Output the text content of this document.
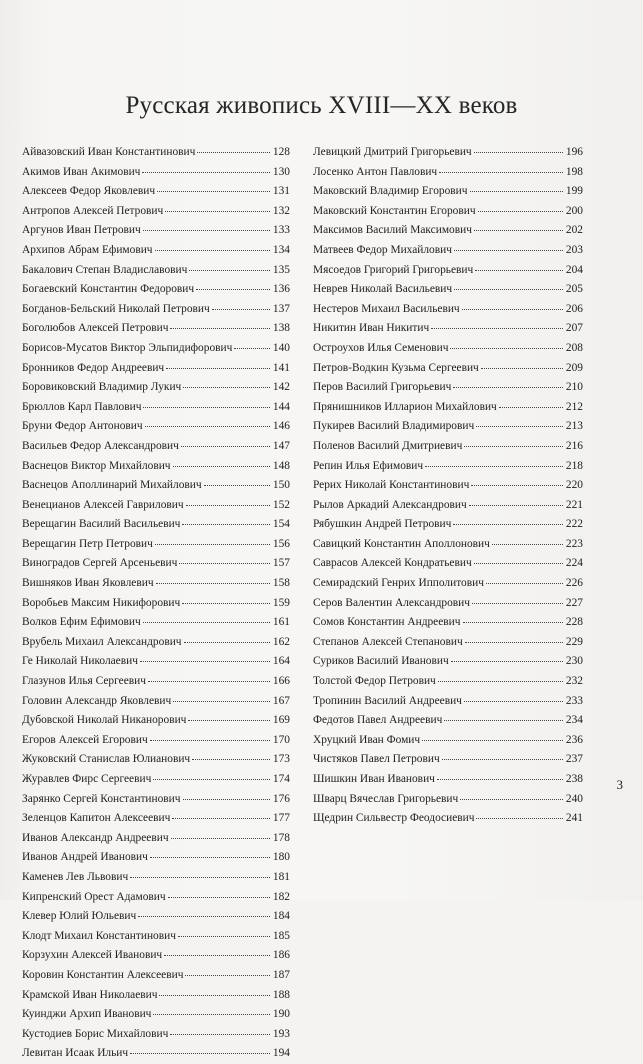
Русская живопись XVIII—XX веков
Айвазовский Иван Константинович	128
Акимов Иван Акимович	130
Алексеев Федор Яковлевич	131
Антропов Алексей Петрович	132
Аргунов Иван Петрович	133
Архипов Абрам Ефимович	134
Бакалович Степан Владиславович	135
Богаевский Константин Федорович	136
Богданов-Бельский Николай Петрович	137
Боголюбов Алексей Петрович	138
Борисов-Мусатов Виктор Эльпидифорович	140
Бронников Федор Андреевич	141
Боровиковский Владимир Лукич	142
Брюллов Карл Павлович	144
Бруни Федор Антонович	146
Васильев Федор Александрович	147
Васнецов Виктор Михайлович	148
Васнецов Аполлинарий Михайлович	150
Венецианов Алексей Гаврилович	152
Верещагин Василий Васильевич	154
Верещагин Петр Петрович	156
Виноградов Сергей Арсеньевич	157
Вишняков Иван Яковлевич	158
Воробьев Максим Никифорович	159
Волков Ефим Ефимович	161
Врубель Михаил Александрович	162
Ге Николай Николаевич	164
Глазунов Илья Сергеевич	166
Головин Александр Яковлевич	167
Дубовской Николай Никанорович	169
Егоров Алексей Егорович	170
Жуковский Станислав Юлианович	173
Журавлев Фирс Сергеевич	174
Зарянко Сергей Константинович	176
Зеленцов Капитон Алексеевич	177
Иванов Александр Андреевич	178
Иванов Андрей Иванович	180
Каменев Лев Львович	181
Кипренский Орест Адамович	182
Клевер Юлий Юльевич	184
Клодт Михаил Константинович	185
Корзухин Алексей Иванович	186
Коровин Константин Алексеевич	187
Крамской Иван Николаевич	188
Куинджи Архип Иванович	190
Кустодиев Борис Михайлович	193
Левитан Исаак Ильич	194
Левицкий Дмитрий Григорьевич	196
Лосенко Антон Павлович	198
Маковский Владимир Егорович	199
Маковский Константин Егорович	200
Максимов Василий Максимович	202
Матвеев Федор Михайлович	203
Мясоедов Григорий Григорьевич	204
Неврев Николай Васильевич	205
Нестеров Михаил Васильевич	206
Никитин Иван Никитич	207
Остроухов Илья Семенович	208
Петров-Водкин Кузьма Сергеевич	209
Перов Василий Григорьевич	210
Прянишников Илларион Михайлович	212
Пукирев Василий Владимирович	213
Поленов Василий Дмитриевич	216
Репин Илья Ефимович	218
Рерих Николай Константинович	220
Рылов Аркадий Александрович	221
Рябушкин Андрей Петрович	222
Савицкий Константин Аполлонович	223
Саврасов Алексей Кондратьевич	224
Семирадский Генрих Ипполитович	226
Серов Валентин Александрович	227
Сомов Константин Андреевич	228
Степанов Алексей Степанович	229
Суриков Василий Иванович	230
Толстой Федор Петрович	232
Тропинин Василий Андреевич	233
Федотов Павел Андреевич	234
Хруцкий Иван Фомич	236
Чистяков Павел Петрович	237
Шишкин Иван Иванович	238
Шварц Вячеслав Григорьевич	240
Щедрин Сильвестр Феодосиевич	241
3
